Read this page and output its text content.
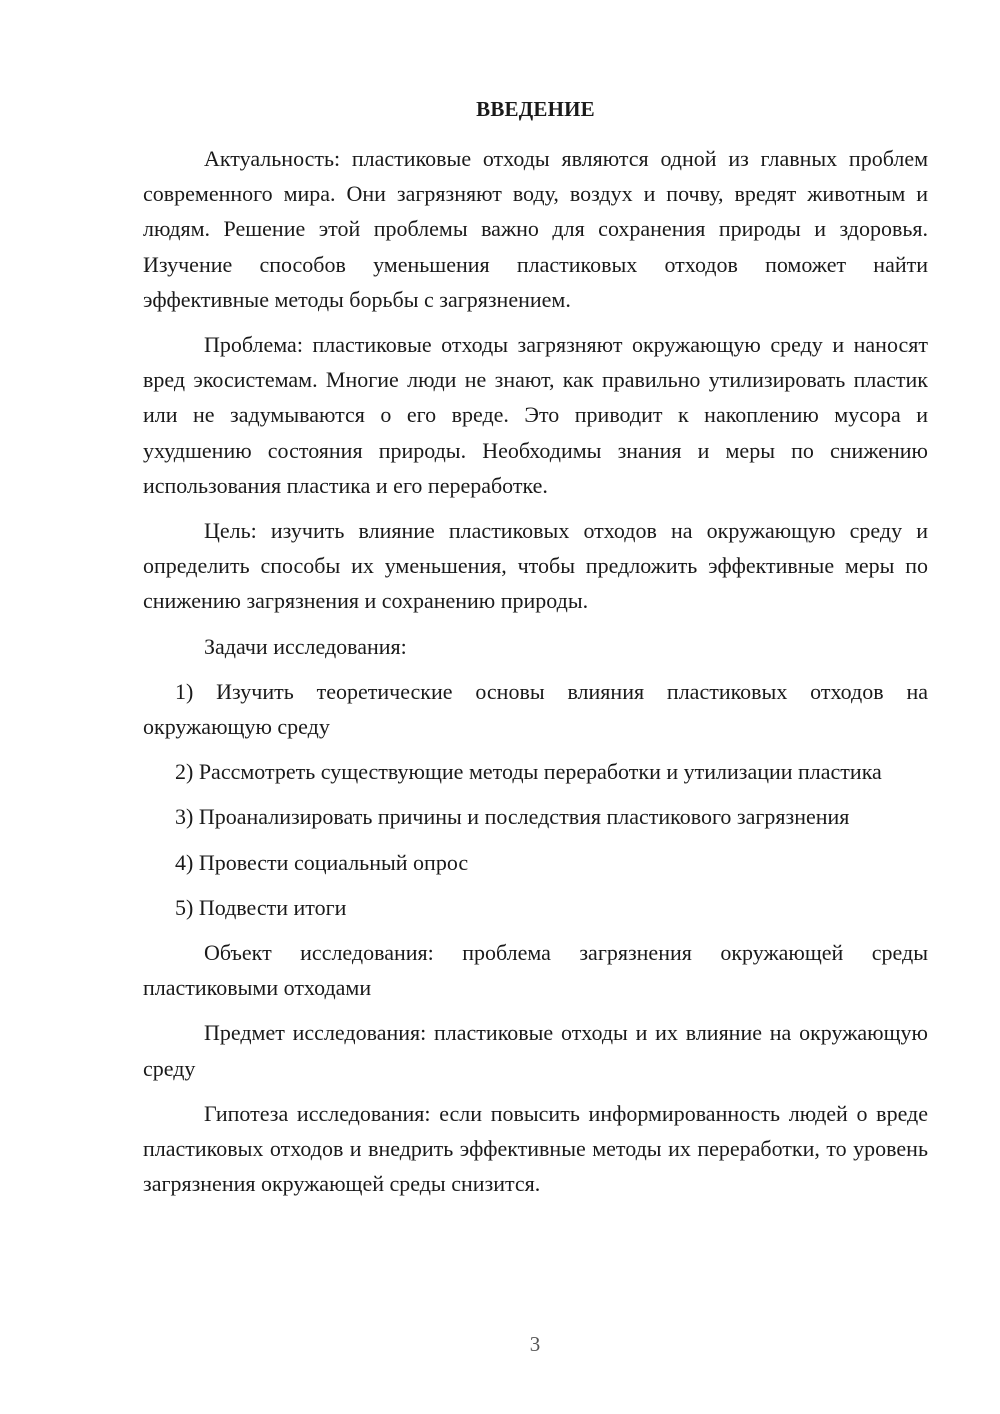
ВВЕДЕНИЕ

Актуальность: пластиковые отходы являются одной из главных проблем современного мира. Они загрязняют воду, воздух и почву, вредят животным и людям. Решение этой проблемы важно для сохранения природы и здоровья. Изучение способов уменьшения пластиковых отходов поможет найти эффективные методы борьбы с загрязнением.

Проблема: пластиковые отходы загрязняют окружающую среду и наносят вред экосистемам. Многие люди не знают, как правильно утилизировать пластик или не задумываются о его вреде. Это приводит к накоплению мусора и ухудшению состояния природы. Необходимы знания и меры по снижению использования пластика и его переработке.

Цель: изучить влияние пластиковых отходов на окружающую среду и определить способы их уменьшения, чтобы предложить эффективные меры по снижению загрязнения и сохранению природы.

Задачи исследования:

1) Изучить теоретические основы влияния пластиковых отходов на окружающую среду

2) Рассмотреть существующие методы переработки и утилизации пластика

3) Проанализировать причины и последствия пластикового загрязнения

4) Провести социальный опрос

5) Подвести итоги

Объект исследования: проблема загрязнения окружающей среды пластиковыми отходами

Предмет исследования: пластиковые отходы и их влияние на окружающую среду

Гипотеза исследования: если повысить информированность людей о вреде пластиковых отходов и внедрить эффективные методы их переработки, то уровень загрязнения окружающей среды снизится.

3
